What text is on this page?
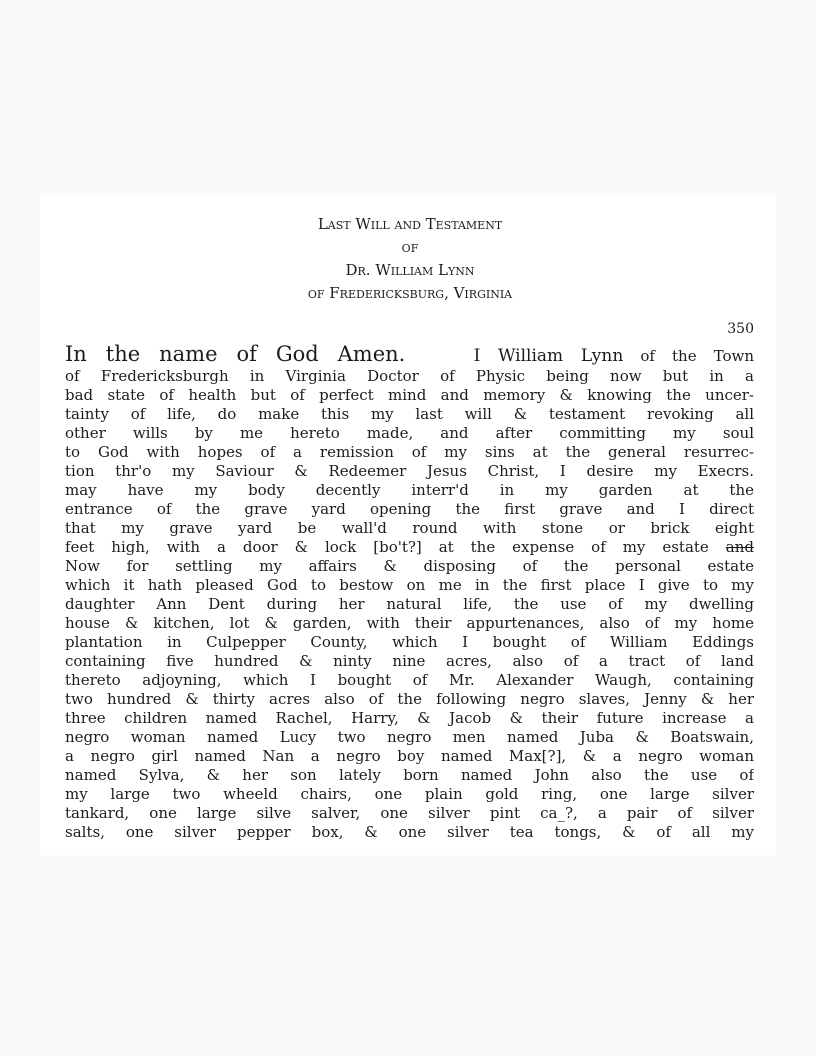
Last Will and Testament
of
Dr. William Lynn
of Fredericksburg, Virginia
350
In the name of God Amen.	I William Lynn of the Town
of Fredericksburgh in Virginia Doctor of Physic being now but in a
bad state of health but of perfect mind and memory & knowing the uncer-
tainty of life, do make this my last will & testament revoking all
other wills by me hereto made, and after committing my soul
to God with hopes of a remission of my sins at the general resurrec-
tion thr'o my Saviour & Redeemer Jesus Christ, I desire my Execrs.
may have my body decently interr'd in my garden at the
entrance of the grave yard opening the first grave and I direct
that my grave yard be wall'd round with stone or brick eight
feet high, with a door & lock [bo't?] at the expense of my estate and
Now for settling my affairs & disposing of the personal estate
which it hath pleased God to bestow on me in the first place I give to my
daughter Ann Dent during her natural life, the use of my dwelling
house & kitchen, lot & garden, with their appurtenances, also of my home
plantation in Culpepper County, which I bought of William Eddings
containing five hundred & ninty nine acres, also of a tract of land
thereto adjoyning, which I bought of Mr. Alexander Waugh, containing
two hundred & thirty acres also of the following negro slaves, Jenny & her
three children named Rachel, Harry, & Jacob & their future increase a
negro woman named Lucy two negro men named Juba & Boatswain,
a negro girl named Nan a negro boy named Max[?], & a negro woman
named Sylva, & her son lately born named John also the use of
my large two wheeld chairs, one plain gold ring, one large silver
tankard, one large silve salver, one silver pint ca_?, a pair of silver
salts, one silver pepper box, & one silver tea tongs, & of all my
